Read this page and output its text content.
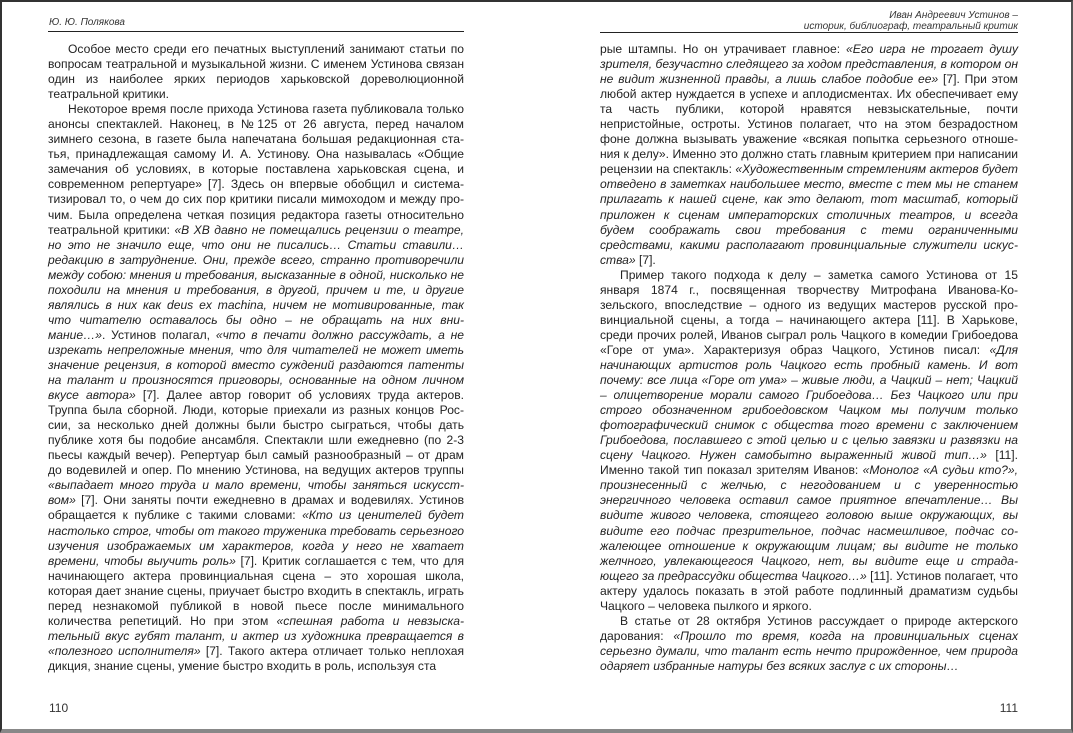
Ю. Ю. Полякова

Особое место среди его печатных выступлений занимают статьи по вопросам театральной и музыкальной жизни. С именем Устинова связан один из наиболее ярких периодов харьковской дореволюционной театральной критики.

Некоторое время после прихода Устинова газета публиковала только анонсы спектаклей. Наконец, в №125 от 26 августа, перед началом зимнего сезона, в газете была напечатана большая редакционная статья, принадлежащая самому И. А. Устинову. Она называлась «Общие замечания об условиях, в которые поставлена харьковская сцена, и современном репертуаре» [7]. Здесь он впервые обобщил и систематизировал то, о чем до сих пор критики писали мимоходом и между прочим. Была определена четкая позиция редактора газеты относительно театральной критики: «В ХВ давно не помещались рецензии о театре, но это не значило еще, что они не писались… Статьи ставили… редакцию в затруднение. Они, прежде всего, странно противоречили между собою: мнения и требования, высказанные в одной, нисколько не походили на мнения и требования, в другой, причем и те, и другие являлись в них как deus ex machina, ничем не мотивированные, так что читателю оставалось бы одно – не обращать на них внимание…». Устинов полагал, «что в печати должно рассуждать, а не изрекать непреложные мнения, что для читателей не может иметь значение рецензия, в которой вместо суждений раздаются патенты на талант и произносятся приговоры, основанные на одном личном вкусе автора» [7]. Далее автор говорит об условиях труда актеров. Труппа была сборной. Люди, которые приехали из разных концов России, за несколько дней должны были быстро сыграться, чтобы дать публике хотя бы подобие ансамбля. Спектакли шли ежедневно (по 2-3 пьесы каждый вечер). Репертуар был самый разнообразный – от драм до водевилей и опер. По мнению Устинова, на ведущих актеров труппы «выпадает много труда и мало времени, чтобы заняться искусством» [7]. Они заняты почти ежедневно в драмах и водевилях. Устинов обращается к публике с такими словами: «Кто из ценителей будет настолько строг, чтобы от такого труженика требовать серьезного изучения изображаемых им характеров, когда у него не хватает времени, чтобы выучить роль» [7]. Критик соглашается с тем, что для начинающего актера провинциальная сцена – это хорошая школа, которая дает знание сцены, приучает быстро входить в спектакль, играть перед незнакомой публикой в новой пьесе после минимального количества репетиций. Но при этом «спешная работа и невзыскательный вкус губят талант, и актер из художника превращается в «полезного исполнителя» [7]. Такого актера отличает только неплохая дикция, знание сцены, умение быстро входить в роль, используя ста

110
Иван Андреевич Устинов –
историк, библиограф, театральный критик

рые штампы. Но он утрачивает главное: «Его игра не трогает душу зрителя, безучастно следящего за ходом представления, в котором он не видит жизненной правды, а лишь слабое подобие ее» [7]. При этом любой актер нуждается в успехе и аплодисментах. Их обеспечивает ему та часть публики, которой нравятся невзыскательные, почти непристойные, остроты. Устинов полагает, что на этом безрадостном фоне должна вызывать уважение «всякая попытка серьезного отношения к делу». Именно это должно стать главным критерием при написании рецензии на спектакль: «Художественным стремлениям актеров будет отведено в заметках наибольшее место, вместе с тем мы не станем прилагать к нашей сцене, как это делают, тот масштаб, который приложен к сценам императорских столичных театров, и всегда будем соображать свои требования с теми ограниченными средствами, какими располагают провинциальные служители искусства» [7].

Пример такого подхода к делу – заметка самого Устинова от 15 января 1874 г., посвященная творчеству Митрофана Иванова-Козельского, впоследствие – одного из ведущих мастеров русской провинциальной сцены, а тогда – начинающего актера [11]. В Харькове, среди прочих ролей, Иванов сыграл роль Чацкого в комедии Грибоедова «Горе от ума». Характеризуя образ Чацкого, Устинов писал: «Для начинающих артистов роль Чацкого есть пробный камень. И вот почему: все лица «Горе от ума» – живые люди, а Чацкий – нет; Чацкий – олицетворение морали самого Грибоедова… Без Чацкого или при строго обозначенном грибоедовском Чацком мы получим только фотографический снимок с общества того времени с заключением Грибоедова, пославшего с этой целью и с целью завязки и развязки на сцену Чацкого. Нужен самобытно выраженный живой тип…» [11]. Именно такой тип показал зрителям Иванов: «Монолог «А судьи кто?», произнесенный с желчью, с негодованием и с уверенностью энергичного человека оставил самое приятное впечатление… Вы видите живого человека, стоящего головою выше окружающих, вы видите его подчас презрительное, подчас насмешливое, подчас сожалеющее отношение к окружающим лицам; вы видите не только желчного, увлекающегося Чацкого, нет, вы видите еще и страдающего за предрассудки общества Чацкого…» [11]. Устинов полагает, что актеру удалось показать в этой работе подлинный драматизм судьбы Чацкого – человека пылкого и яркого.

В статье от 28 октября Устинов рассуждает о природе актерского дарования: «Прошло то время, когда на провинциальных сценах серьезно думали, что талант есть нечто прирожденное, чем природа одаряет избранные натуры без всяких заслуг с их стороны…

111
